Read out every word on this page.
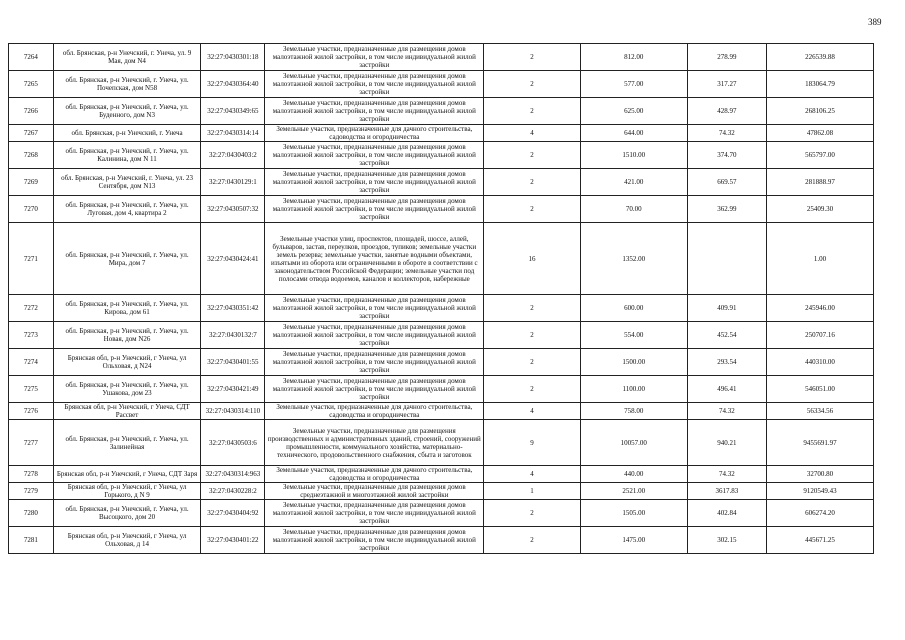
389
7264	обл. Брянская, р-н Унечский, г. Унеча, ул. 9 Мая, дом N4	32:27:0430301:18	Земельные участки, предназначенные для размещения домов малоэтажной жилой застройки, в том числе индивидуальной жилой застройки	2	812.00	278.99	226539.88
7265	обл. Брянская, р-н Унечский, г. Унеча, ул. Почепская, дом N58	32:27:0430364:40	Земельные участки, предназначенные для размещения домов малоэтажной жилой застройки, в том числе индивидуальной жилой застройки	2	577.00	317.27	183064.79
7266	обл. Брянская, р-н Унечский, г. Унеча, ул. Буденного, дом N3	32:27:0430349:65	Земельные участки, предназначенные для размещения домов малоэтажной жилой застройки, в том числе индивидуальной жилой застройки	2	625.00	428.97	268106.25
7267	обл. Брянская, р-н Унечский, г. Унеча	32:27:0430314:14	Земельные участки, предназначенные для дачного строительства, садоводства и огородничества	4	644.00	74.32	47862.08
7268	обл. Брянская, р-н Унечский, г. Унеча, ул. Калинина, дом N 11	32:27:0430403:2	Земельные участки, предназначенные для размещения домов малоэтажной жилой застройки, в том числе индивидуальной жилой застройки	2	1510.00	374.70	565797.00
7269	обл. Брянская, р-н Унечский, г. Унеча, ул. 23 Сентября, дом N13	32:27:0430129:1	Земельные участки, предназначенные для размещения домов малоэтажной жилой застройки, в том числе индивидуальной жилой застройки	2	421.00	669.57	281888.97
7270	обл. Брянская, р-н Унечский, г. Унеча, ул. Луговая, дом 4, квартира 2	32:27:0430507:32	Земельные участки, предназначенные для размещения домов малоэтажной жилой застройки, в том числе индивидуальной жилой застройки	2	70.00	362.99	25409.30
7271	обл. Брянская, р-н Унечский, г. Унеча, ул. Мира, дом 7	32:27:0430424:41	Земельные участки улиц, проспектов, площадей, шоссе, аллей, бульваров, застав, переулков, проездов, тупиков; земельные участки земель резерва; земельные участки, занятые водными объектами, изъятыми из оборота или ограниченными в обороте в соответствии с законодательством Российской Федерации; земельные участки под полосами отвода водоемов, каналов и коллекторов, набережные	16	1352.00		1.00
7272	обл. Брянская, р-н Унечский, г. Унеча, ул. Кирова, дом 61	32:27:0430351:42	Земельные участки, предназначенные для размещения домов малоэтажной жилой застройки, в том числе индивидуальной жилой застройки	2	600.00	409.91	245946.00
7273	обл. Брянская, р-н Унечский, г. Унеча, ул. Новая, дом N26	32:27:0430132:7	Земельные участки, предназначенные для размещения домов малоэтажной жилой застройки, в том числе индивидуальной жилой застройки	2	554.00	452.54	250707.16
7274	Брянская обл, р-н Унечский, г Унеча, ул Ольховая, д N24	32:27:0430401:55	Земельные участки, предназначенные для размещения домов малоэтажной жилой застройки, в том числе индивидуальной жилой застройки	2	1500.00	293.54	440310.00
7275	обл. Брянская, р-н Унечский, г. Унеча, ул. Ушакова, дом 23	32:27:0430421:49	Земельные участки, предназначенные для размещения домов малоэтажной жилой застройки, в том числе индивидуальной жилой застройки	2	1100.00	496.41	546051.00
7276	Брянская обл, р-н Унечский, г Унеча, СДТ Рассвет	32:27:0430314:110	Земельные участки, предназначенные для дачного строительства, садоводства и огородничества	4	758.00	74.32	56334.56
7277	обл. Брянская, р-н Унечский, г. Унеча, ул. Залинейная	32:27:0430503:6	Земельные участки, предназначенные для размещения производственных и административных зданий, строений, сооружений промышленности, коммунального хозяйства, материально-технического, продовольственного снабжения, сбыта и заготовок	9	10057.00	940.21	9455691.97
7278	Брянская обл, р-н Унечский, г Унеча, СДТ Заря	32:27:0430314:963	Земельные участки, предназначенные для дачного строительства, садоводства и огородничества	4	440.00	74.32	32700.80
7279	Брянская обл, р-н Унечский, г Унеча, ул Горького, д N 9	32:27:0430228:2	Земельные участки, предназначенные для размещения домов среднеэтажной и многоэтажной жилой застройки	1	2521.00	3617.83	9120549.43
7280	обл. Брянская, р-н Унечский, г. Унеча, ул. Высоцкого, дом 20	32:27:0430404:92	Земельные участки, предназначенные для размещения домов малоэтажной жилой застройки, в том числе индивидуальной жилой застройки	2	1505.00	402.84	606274.20
7281	Брянская обл, р-н Унечский, г Унеча, ул Ольховая, д 14	32:27:0430401:22	Земельные участки, предназначенные для размещения домов малоэтажной жилой застройки, в том числе индивидуальной жилой застройки	2	1475.00	302.15	445671.25
